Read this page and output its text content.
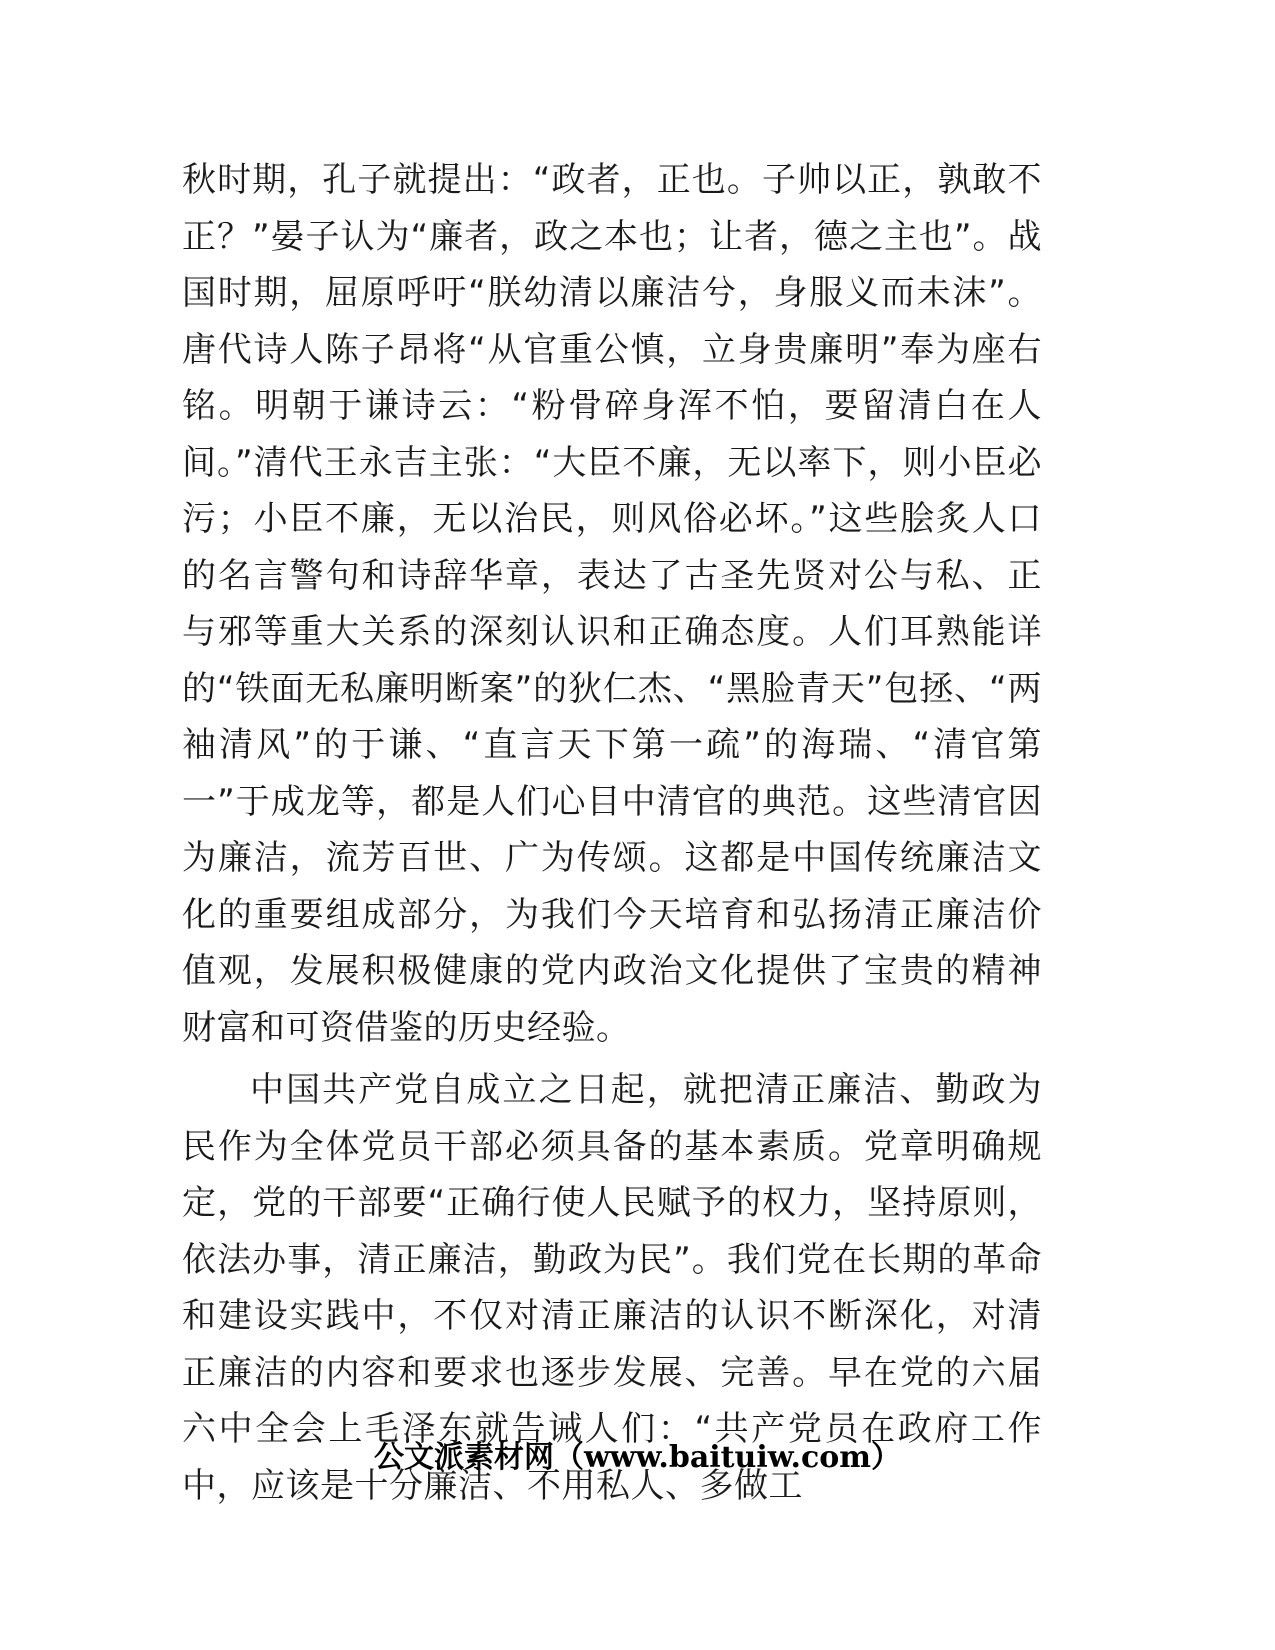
秋时期，孔子就提出：“政者，正也。子帅以正，孰敢不正？”晏子认为“廉者，政之本也；让者，德之主也”。战国时期，屈原呼吁“朕幼清以廉洁兮，身服义而未沫”。唐代诗人陈子昂将“从官重公慎，立身贵廉明”奉为座右铭。明朝于谦诗云：“粉骨碎身浑不怕，要留清白在人间。”清代王永吉主张：“大臣不廉，无以率下，则小臣必污；小臣不廉，无以治民，则风俗必坏。”这些脍炙人口的名言警句和诗辞华章，表达了古圣先贤对公与私、正与邪等重大关系的深刻认识和正确态度。人们耳熟能详的“铁面无私廉明断案”的狄仁杰、“黑脸青天”包拯、“两袖清风”的于谦、“直言天下第一疏”的海瑞、“清官第一”于成龙等，都是人们心目中清官的典范。这些清官因为廉洁，流芳百世、广为传颂。这都是中国传统廉洁文化的重要组成部分，为我们今天培育和弘扬清正廉洁价值观，发展积极健康的党内政治文化提供了宝贵的精神财富和可资借鉴的历史经验。

中国共产党自成立之日起，就把清正廉洁、勤政为民作为全体党员干部必须具备的基本素质。党章明确规定，党的干部要“正确行使人民赋予的权力，坚持原则，依法办事，清正廉洁，勤政为民”。我们党在长期的革命和建设实践中，不仅对清正廉洁的认识不断深化，对清正廉洁的内容和要求也逐步发展、完善。早在党的六届六中全会上毛泽东就告诫人们：“共产党员在政府工作中，应该是十分廉洁、不用私人、多做工

公文派素材网（www.baituiw.com）
